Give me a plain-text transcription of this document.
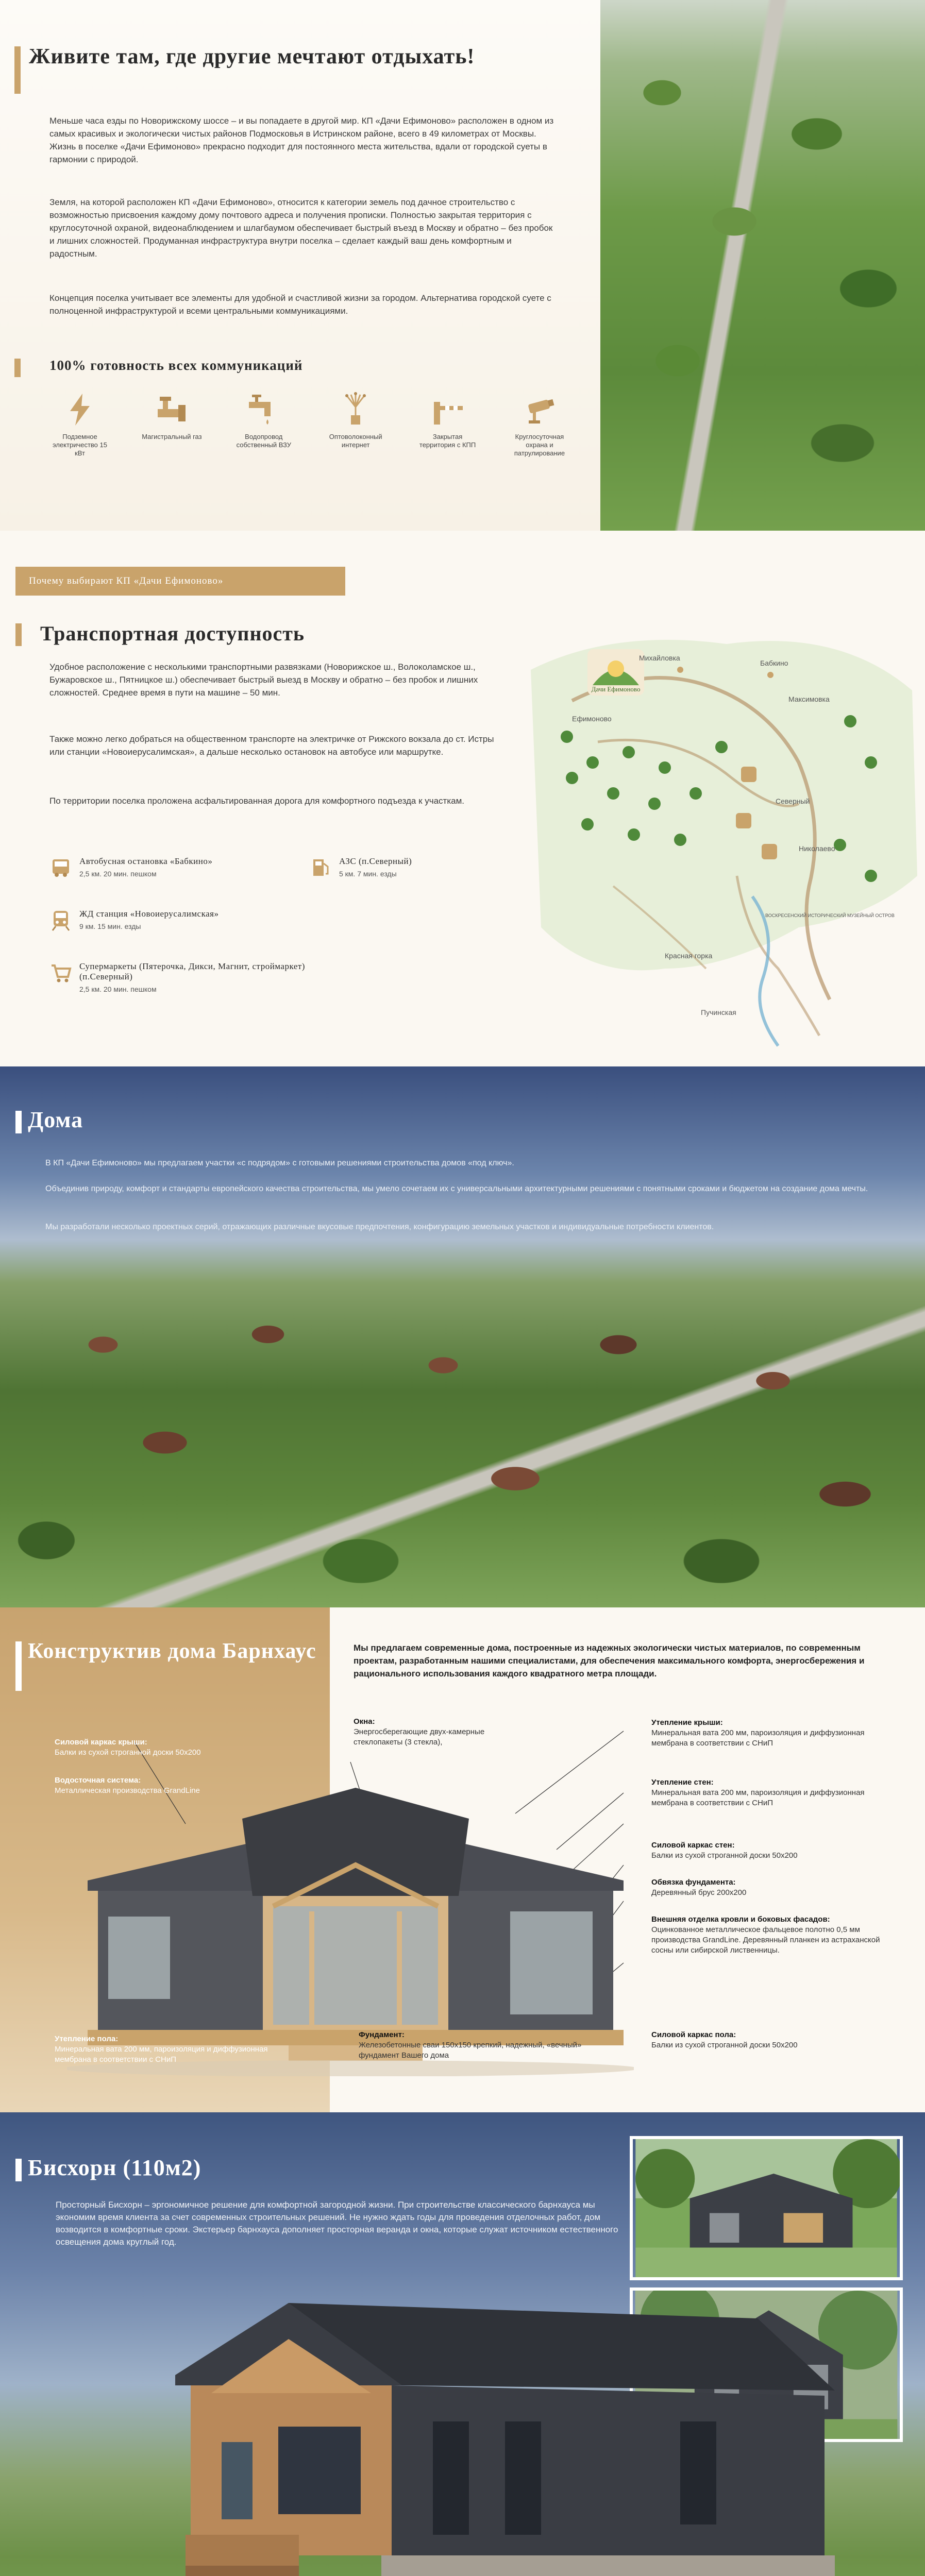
Живите там, где другие мечтают отдыхать!

Меньше часа езды по Новорижскому шоссе – и вы попадаете в другой мир. КП «Дачи Ефимоново» расположен в одном из самых красивых и экологически чистых районов Подмосковья в Истринском районе, всего в 49 километрах от Москвы. Жизнь в поселке «Дачи Ефимоново» прекрасно подходит для постоянного места жительства, вдали от городской суеты в гармонии с природой.

Земля, на которой расположен КП «Дачи Ефимоново», относится к категории земель под дачное строительство с возможностью присвоения каждому дому почтового адреса и получения прописки. Полностью закрытая территория с круглосуточной охраной, видеонаблюдением и шлагбаумом обеспечивает быстрый въезд в Москву и обратно – без пробок и лишних сложностей. Продуманная инфраструктура внутри поселка – сделает каждый ваш день комфортным и радостным.

Концепция поселка учитывает все элементы для удобной и счастливой жизни за городом. Альтернатива городской суете с полноценной инфраструктурой и всеми центральными коммуникациями.

100% готовность всех коммуникаций
Подземное электричество 15 кВт
Магистральный газ	Водопровод собственный ВЗУ
Оптоволоконный интернет
Закрытая территория с КПП
Круглосуточная охрана и патрулирование
Почему выбирают КП «Дачи Ефимоново»
Транспортная доступность

Удобное расположение с несколькими транспортными развязками (Новорижское ш., Волоколамское ш., Бужаровское ш., Пятницкое ш.) обеспечивает быстрый выезд в Москву и обратно – без пробок и лишних сложностей. Среднее время в пути на машине – 50 мин.

Также можно легко добраться на общественном транспорте на электричке от Рижского вокзала до ст. Истры или станции «Новоиерусалимская», а дальше несколько остановок на автобусе или маршрутке.

По территории поселка проложена асфальтированная дорога для комфортного подъезда к участкам.

Автобусная остановка «Бабкино»
2,5 км. 20 мин. пешком
АЗС (п.Северный)
5 км. 7 мин. езды
ЖД станция «Новоиерусалимская»
9 км. 15 мин. езды
Супермаркеты (Пятерочка, Дикси, Магнит, строймаркет) (п.Северный)
2,5 км. 20 мин. пешком
Дачи Ефимоново
Михайловка
Бабкино
Ефимоново
Максимовка
Северный
Николаево
ВОСКРЕСЕНСКИЙ ИСТОРИЧЕСКИЙ МУЗЕЙНЫЙ ОСТРОВ
Красная горка
Пучинская
Дома

В КП «Дачи Ефимоново» мы предлагаем участки «с подрядом» с готовыми решениями строительства домов «под ключ».

Объединив природу, комфорт и стандарты европейского качества строительства, мы умело сочетаем их с универсальными архитектурными решениями с понятными сроками и бюджетом на создание дома мечты.

Мы разработали несколько проектных серий, отражающих различные вкусовые предпочтения, конфигурацию земельных участков и индивидуальные потребности клиентов.

Конструктив дома Барнхаус	Мы предлагаем современные дома, построенные из надежных экологически чистых материалов, по современным проектам, разработанным нашими специалистами, для обеспечения максимального комфорта, энергосбережения и рационального использования каждого квадратного метра площади.

Силовой каркас крыши:
Балки из сухой строганной доски 50х200
Водосточная система:
Металлическая производства GrandLine
Окна:
Энергосберегающие двух-камерные стеклопакеты (3 стекла),
Утепление крыши:
Минеральная вата 200 мм, пароизоляция и диффузионная мембрана в соответствии с СНиП
Утепление стен:
Минеральная вата 200 мм, пароизоляция и диффузионная мембрана в соответствии с СНиП
Силовой каркас стен:
Балки из сухой строганной доски 50х200
Обвязка фундамента:
Деревянный брус 200х200
Внешняя отделка кровли и боковых фасадов:
Оцинкованное металлическое фальцевое полотно 0,5 мм производства GrandLine. Деревянный планкен из астраханской сосны или сибирской лиственницы.
Утепление пола:
Минеральная вата 200 мм, пароизоляция и диффузионная мембрана в соответствии с СНиП
Фундамент:
Железобетонные сваи 150х150 крепкий, надежный, «вечный» фундамент Вашего дома
Силовой каркас пола:
Балки из сухой строганной доски 50х200
Бисхорн (110м2)

Просторный Бисхорн – эргономичное решение для комфортной загородной жизни. При строительстве классического барнхауса мы экономим время клиента за счет современных строительных решений. Не нужно ждать годы для проведения отделочных работ, дом возводится в комфортные сроки. Экстерьер барнхауса дополняет просторная веранда и окна, которые служат источником естественного освещения дома круглый год.
